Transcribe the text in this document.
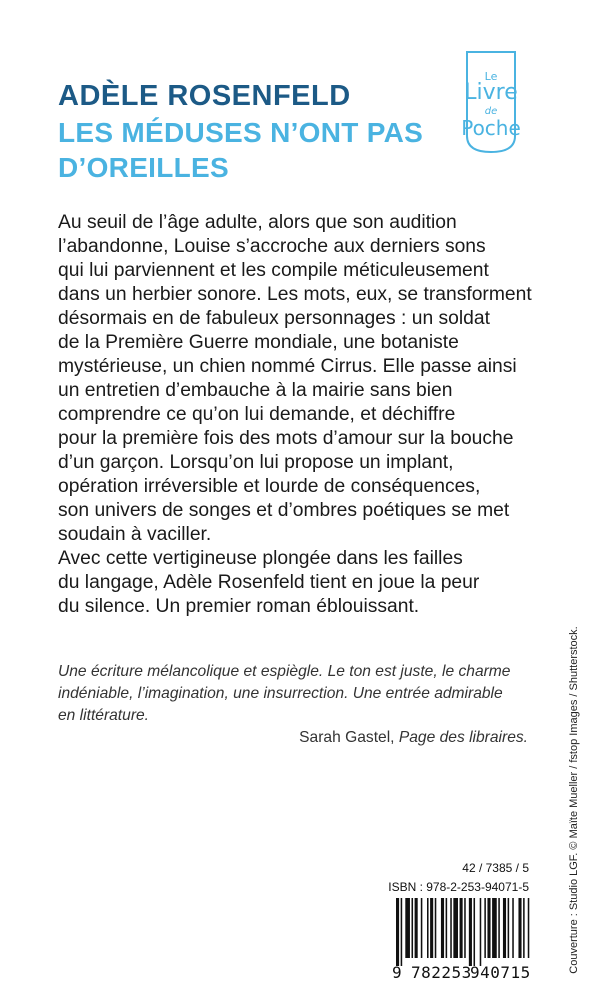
ADÈLE ROSENFELD
LES MÉDUSES N’ONT PAS
D’OREILLES
Le
Livre
de
Poche

Au seuil de l’âge adulte, alors que son audition
l’abandonne, Louise s’accroche aux derniers sons
qui lui parviennent et les compile méticuleusement
dans un herbier sonore. Les mots, eux, se transforment
désormais en de fabuleux personnages : un soldat
de la Première Guerre mondiale, une botaniste
mystérieuse, un chien nommé Cirrus. Elle passe ainsi
un entretien d’embauche à la mairie sans bien
comprendre ce qu’on lui demande, et déchiffre
pour la première fois des mots d’amour sur la bouche
d’un garçon. Lorsqu’on lui propose un implant,
opération irréversible et lourde de conséquences,
son univers de songes et d’ombres poétiques se met
soudain à vaciller.
Avec cette vertigineuse plongée dans les failles
du langage, Adèle Rosenfeld tient en joue la peur
du silence. Un premier roman éblouissant.

Une écriture mélancolique et espiègle. Le ton est juste, le charme
indéniable, l’imagination, une insurrection. Une entrée admirable
en littérature.
Sarah Gastel, Page des libraires.	Couverture : Studio LGF. © Maïte Mueller / fstop Images / Shutterstock.
42 / 7385 / 5
ISBN : 978-2-253-94071-5
9 782253
940715
